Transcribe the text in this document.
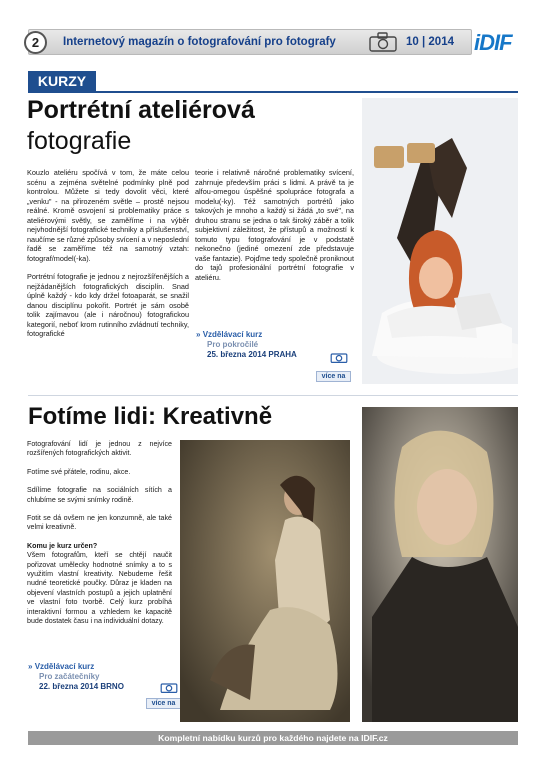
2	Internetový magazín o fotografování pro fotografy	10 | 2014 iDIF
KURZY
Portrétní ateliérová
fotografie

Kouzlo ateliéru spočívá v tom, že máte celou scénu a zejména světelné podmínky plně pod kontrolou. Můžete si tedy dovolit věci, které „venku" - na přirozeném světle – prostě nejsou reálné. Kromě osvojení si problematiky práce s ateliérovými světly, se zaměříme i na výběr nejvhodnější fotografické techniky a příslušenství, naučíme se různé způsoby svícení a v neposlední řadě se zaměříme též na samotný vztah: fotograf/model(-ka).

Portrétní fotografie je jednou z nejrozšířenějších a nejžádanějších fotografických disciplín. Snad úplně každý - kdo kdy držel fotoaparát, se snažil danou disciplínu pokořit. Portrét je sám osobě tolik zajímavou (ale i náročnou) fotografickou kategorií, neboť krom rutinního zvládnutí techniky, fotografické

teorie i relativně náročné problematiky svícení, zahrnuje především práci s lidmi. A právě ta je alfou-omegou úspěšné spolupráce fotografa a modelu(-ky). Též samotných portrétů jako takových je mnoho a každý si žádá „to své", na druhou stranu se jedna o tak široký záběr a tolik subjektivní záležitost, že přístupů a možností k tomuto typu fotografování je v podstatě nekonečno (jediné omezení zde představuje vaše fantazie). Pojďme tedy společně proniknout do tajů profesionální portrétní fotografie v ateliéru.

» Vzdělávací kurz
Pro pokročilé
25. března 2014 PRAHA
více na
Fotíme lidi: Kreativně

Fotografování lidí je jednou z nejvíce rozšířených fotografických aktivit.

Fotíme své přátele, rodinu, akce.

Sdílíme fotografie na sociálních sítích a chlubíme se svými snímky rodině.

Fotit se dá ovšem ne jen konzumně, ale také velmi kreativně.

Komu je kurz určen?

Všem fotografům, kteří se chtějí naučit pořizovat umělecky hodnotné snímky a to s využitím vlastní kreativity. Nebudeme řešit nudné teoretické poučky. Důraz je kladen na objevení vlastních postupů a jejich uplatnění ve vlastní foto tvorbě. Celý kurz probíhá interaktivní formou a vzhledem ke kapacitě bude dostatek času i na individuální dotazy.

» Vzdělávací kurz
Pro začátečníky
22. března 2014 BRNO
více na
Kompletní nabídku kurzů pro každého najdete na IDIF.cz
